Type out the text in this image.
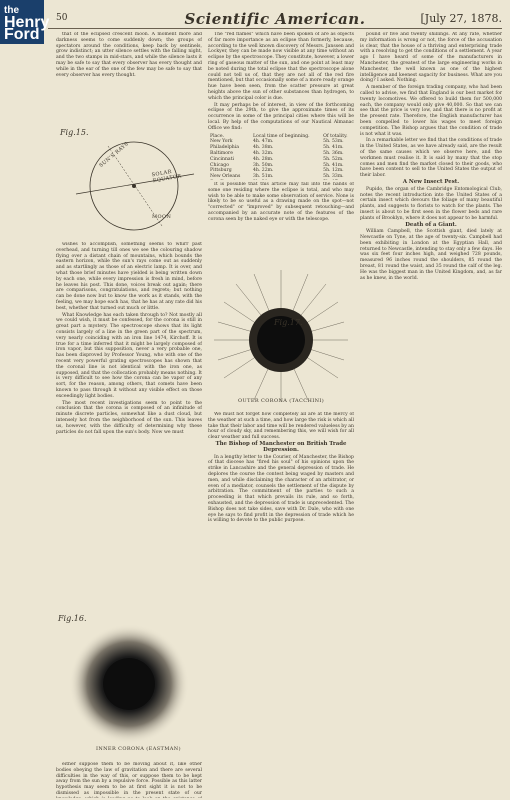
the
Henry
Ford
50	Scientific American.	[July 27, 1878.

that of the eclipsed crescent moon. A moment more and darkness seems to come suddenly down; the groups of spectators around the conditions, keep back by sentinels, grow indistinct; an utter silence settles with the falling night, and the two stamps in mid-stars, and while the silence lasts it may be safe to say that every observer has every thought and while in the ear of the one of the few may be safe to say that every observer has every thought.

Fig.15.
SOLAR EQUATOR
SUN'S RAYS
MOON

wishes to accomplish, something seems to whirr past overhead, and turning till ones we see the colouring shadow flying over a distant chain of mountains, which bounds the eastern horizon, while the sun's rays come out as suddenly and as startlingly as those of an electric lamp. It is over, and what those brief minutes have yielded is being written down by each one, while every impression is fresh in mind, before he leaves his post. This done, voices break out again; there are comparisons, congratulations, and regrets; but nothing can be done now but to know the work as it stands, with the feeling, we may hope each has, that he has at any rate did his best, whether that turned out much or little.

What Knowledge has each taken through to? Not mostly all we could wish, it must be confessed, for the corona is still in great part a mystery. The spectroscope shows that its light consists largely of a line in the green part of the spectrum, very nearly coinciding with an iron line 1474, Kirchoff. It is true for a time inferred that it might be largely composed of iron vapor, but this supposition, never a very probable one, has been disproved by Professor Young, who with one of the recent very powerful grating spectroscopes has shown that the coronal line is not identical with the iron one, as supposed, and that the collocation probably means nothing. It is very difficult to see how the corona can be vapor of any sort, for the reason, among others, that comets have been known to pass through it without any visible effect on those exceedingly light bodies.

The most recent investigations seem to point to the conclusion that the corona is composed of an infinitude of minute discrete particles, somewhat like a dust cloud, but intensely hot from the neighborhood of the sun. This leaves us, however, with the difficulty of determining why these particles do not fall upon the sun's body. Now we must

Fig.16.
INNER CORONA (EASTMAN)

either suppose them to be moving about it, like other bodies obeying the law of gravitation and there are several difficulties in the way of this, or suppose them to be kept away from the sun by a repulsive force. Possible as this latter hypothesis may seem to be at first sight it is not to be dismissed as impossible in the present state of our

The "red flames" which have been spoken of are as objects of far more importance as an eclipse than formerly, because, according to the well known discovery of Messrs. Janssen and Lockyer, they can be made now visible at any time without an eclipse by the spectroscope. They constitute, however, a lower ring of gaseous matter of the sun, and one point at least may be noted during the total eclipse that the spectroscope alone could not tell us of, that they are not all of the red fire mentioned, but that occasionally some of a more ready orange hue have been seen, from the scatter pressure at great heights above the sun of other substances than hydrogen, to which the principal color is due.

It may perhaps be of interest, in view of the forthcoming eclipse of the 29th, to give the approximate times of its occurrence in some of the principal cities where this will be local. By help of the computations of our Nautical Almanac Office we find:

Place.	Local time of beginning.	Of totality.
New York	4h. 47m.	5h. 53m.
Philadelphia	4h. 38m.	5h. 41m.
Baltimore	4h. 32m.	5h. 36m.
Cincinnati	4h. 28m.	5h. 52m.
Chicago	3h. 50m.	5h. 41m.
Pittsburg	4h. 22m.	5h. 12m.
New Orleans	3h. 51m.	5h. 33m.

It is possible that this article may fall into the hands of some one residing where the eclipse is total, and who may wish to be able to make some observation of service. None is likely to be so useful as a drawing made on the spot—not "corrected" or "improved" by subsequent retouching—and accompanied by an accurate note of the features of the corona seen by the naked eye or with the telescope.

Fig.17.
OUTER CORONA (TACCHINI)

We must not forget how completely all are at the mercy of the weather at such a time, and how large the risk is which all take that their labor and time will be rendered valueless by an hour of cloudy sky, and remembering this, we will wish for all clear weather and full success.

The Bishop of Manchester on British Trade Depression.

In a lengthy letter to the Courier, of Manchester, the Bishop of that diocese has "fired his soul" of his opinions upon the strike in Lancashire and the general depression of trade. He deplores the course the contest being waged by masters and men, and while disclaiming the character of an arbitrator, or even of a mediator, counsels the settlement of the dispute by arbitration. The commitment of the parties to such a proceeding is that which prevails its rule, and so forth, exhausted, and the depression of trade is unprecedented. The Bishop does not take sides, save with Dr. Dale, who with one eye he says to find profit in the depression of trade which he is willing to devote to the public purpose.

pound or five and twenty shillings. At any rate, whether my information is wrong or not, the force of the accusation is clear, that the house of a thriving and enterprising trade with a resolving to get the conditions of a settlement. A year ago I have heard of some of the manufacturers in Manchester, the greatest of the large engineering works in Manchester, the well known as one of the highest intelligence and keenest sagacity for business. What are you doing? I asked. Nothing.

A member of the foreign trading company, who had been called to advise, we find that England is our best market for twenty locomotives. We offered to build them for 500,000 each, the company would only give 40,000. So that we can see that the price is very low, and that there is no profit at the present rate. Therefore, the English manufacturer has been compelled to lower his wages to meet foreign competition. The Bishop argues that the condition of trade is not what it was.

In a remarkable letter we find that the conditions of trade in the United States, as we have already said, are the result of the same causes which we observe here, and the workmen must realise it. It is said by many that the stop comes and men find the market closed to their goods, who have been content to sell to the United States the output of their labor.

A New Insect Pest.

Pupido, the organ of the Cambridge Entomological Club, notes the recent introduction into the United States of a certain insect which devours the foliage of many beautiful plants, and suggests to florists to watch for the plants. The insect is about to be first seen in the flower beds and rare plants of Brooklyn, where it does not appear to be harmful.

Death of a Giant.

William Campbell, the Scottish giant, died lately at Newcastle on Tyne, at the age of twenty-six. Campbell had been exhibiting in London at the Egyptian Hall, and returned to Newcastle, intending to stay only a few days. He was six feet four inches high, and weighed 728 pounds, measured 96 inches round the shoulders, 85 round the breast, 81 round the waist, and 35 round the calf of the leg. He was the biggest man in the United Kingdom, and, as far as he knew, in the world.
